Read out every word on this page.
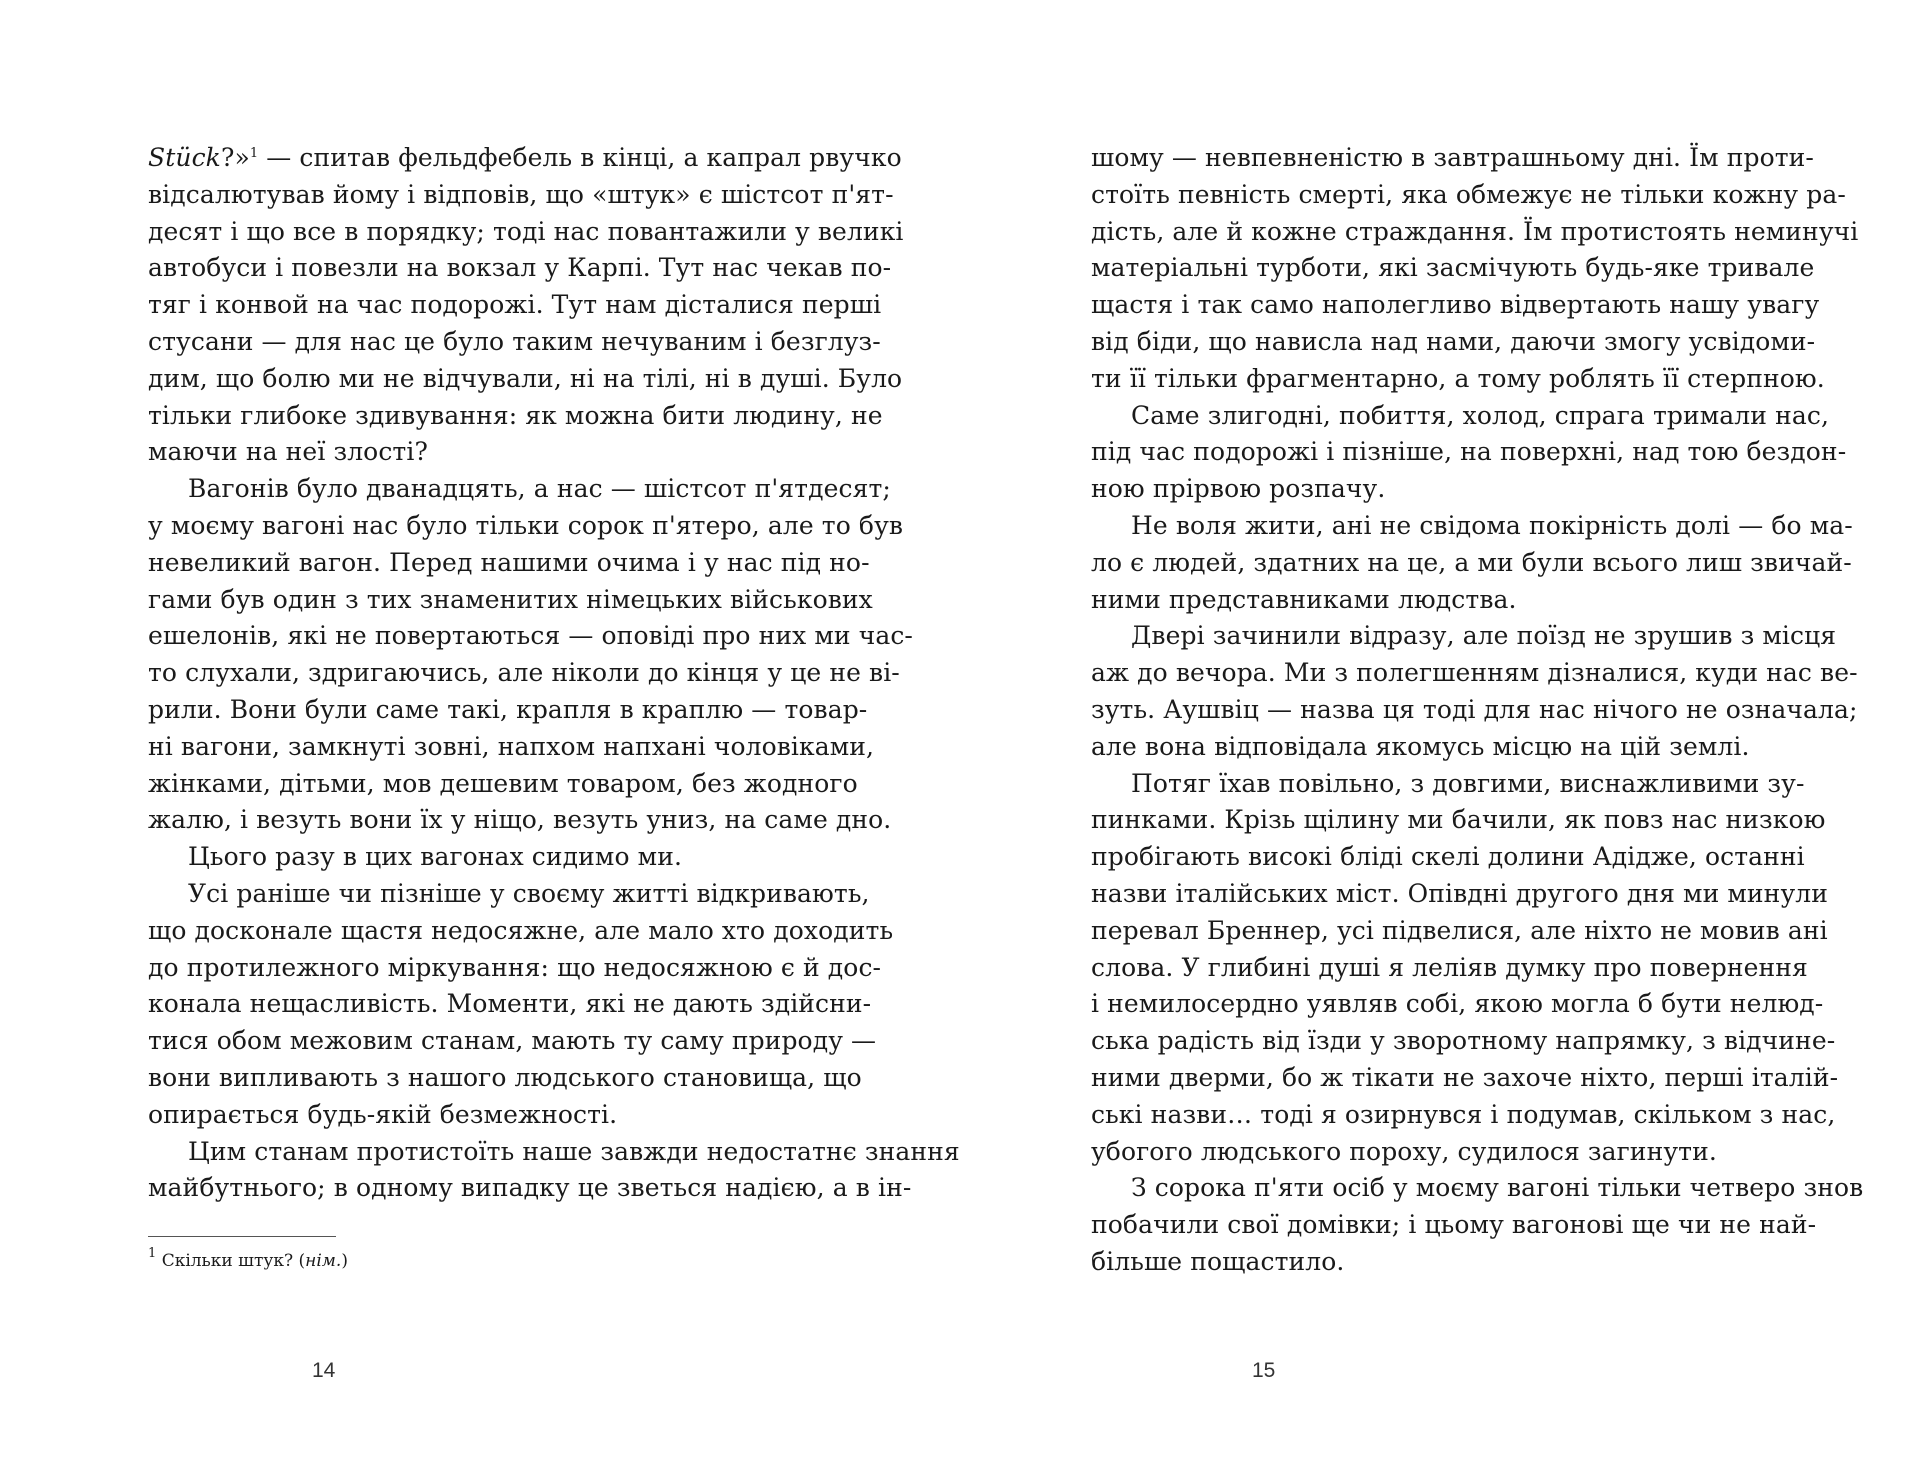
Stück?»$^1$ — спитав фельдфебель в кінці, а капрал рвучко
відсалютував йому і відповів, що «штук» є шістсот п'ят-
десят і що все в порядку; тоді нас повантажили у великі
автобуси і повезли на вокзал у Карпі. Тут нас чекав по-
тяг і конвой на час подорожі. Тут нам дісталися перші
стусани — для нас це було таким нечуваним і безглуз-
дим, що болю ми не відчували, ні на тілі, ні в душі. Було
тільки глибоке здивування: як можна бити людину, не
маючи на неї злості?
Вагонів було дванадцять, а нас — шістсот п'ятдесят;
у моєму вагоні нас було тільки сорок п'ятеро, але то був
невеликий вагон. Перед нашими очима і у нас під но-
гами був один з тих знаменитих німецьких військових
ешелонів, які не повертаються — оповіді про них ми час-
то слухали, здригаючись, але ніколи до кінця у це не ві-
рили. Вони були саме такі, крапля в краплю — товар-
ні вагони, замкнуті зовні, напхом напхані чоловіками,
жінками, дітьми, мов дешевим товаром, без жодного
жалю, і везуть вони їх у ніщо, везуть униз, на саме дно.
Цього разу в цих вагонах сидимо ми.
Усі раніше чи пізніше у своєму житті відкривають,
що досконале щастя недосяжне, але мало хто доходить
до протилежного міркування: що недосяжною є й дос-
конала нещасливість. Моменти, які не дають здійсни-
тися обом межовим станам, мають ту саму природу —
вони випливають з нашого людського становища, що
опирається будь-якій безмежності.
Цим станам протистоїть наше завжди недостатнє знання
майбутнього; в одному випадку це зветься надією, а в ін-
$^1$ Скільки штук? (нім.)
14
шому — невпевненістю в завтрашньому дні. Їм проти-
стоїть певність смерті, яка обмежує не тільки кожну ра-
дість, але й кожне страждання. Їм протистоять неминучі
матеріальні турботи, які засмічують будь-яке тривале
щастя і так само наполегливо відвертають нашу увагу
від біди, що нависла над нами, даючи змогу усвідоми-
ти її тільки фрагментарно, а тому роблять її стерпною.
Саме злигодні, побиття, холод, спрага тримали нас,
під час подорожі і пізніше, на поверхні, над тою бездон-
ною прірвою розпачу.
Не воля жити, ані не свідома покірність долі — бо ма-
ло є людей, здатних на це, а ми були всього лиш звичай-
ними представниками людства.
Двері зачинили відразу, але поїзд не зрушив з місця
аж до вечора. Ми з полегшенням дізналися, куди нас ве-
зуть. Аушвіц — назва ця тоді для нас нічого не означала;
але вона відповідала якомусь місцю на цій землі.
Потяг їхав повільно, з довгими, виснажливими зу-
пинками. Крізь щілину ми бачили, як повз нас низкою
пробігають високі бліді скелі долини Адідже, останні
назви італійських міст. Опівдні другого дня ми минули
перевал Бреннер, усі підвелися, але ніхто не мовив ані
слова. У глибині душі я леліяв думку про повернення
і немилосердно уявляв собі, якою могла б бути нелюд-
ська радість від їзди у зворотному напрямку, з відчине-
ними дверми, бо ж тікати не захоче ніхто, перші італій-
ські назви… тоді я озирнувся і подумав, скільком з нас,
убогого людського пороху, судилося загинути.
З сорока п'яти осіб у моєму вагоні тільки четверо знов
побачили свої домівки; і цьому вагонові ще чи не най-
більше пощастило.
15
